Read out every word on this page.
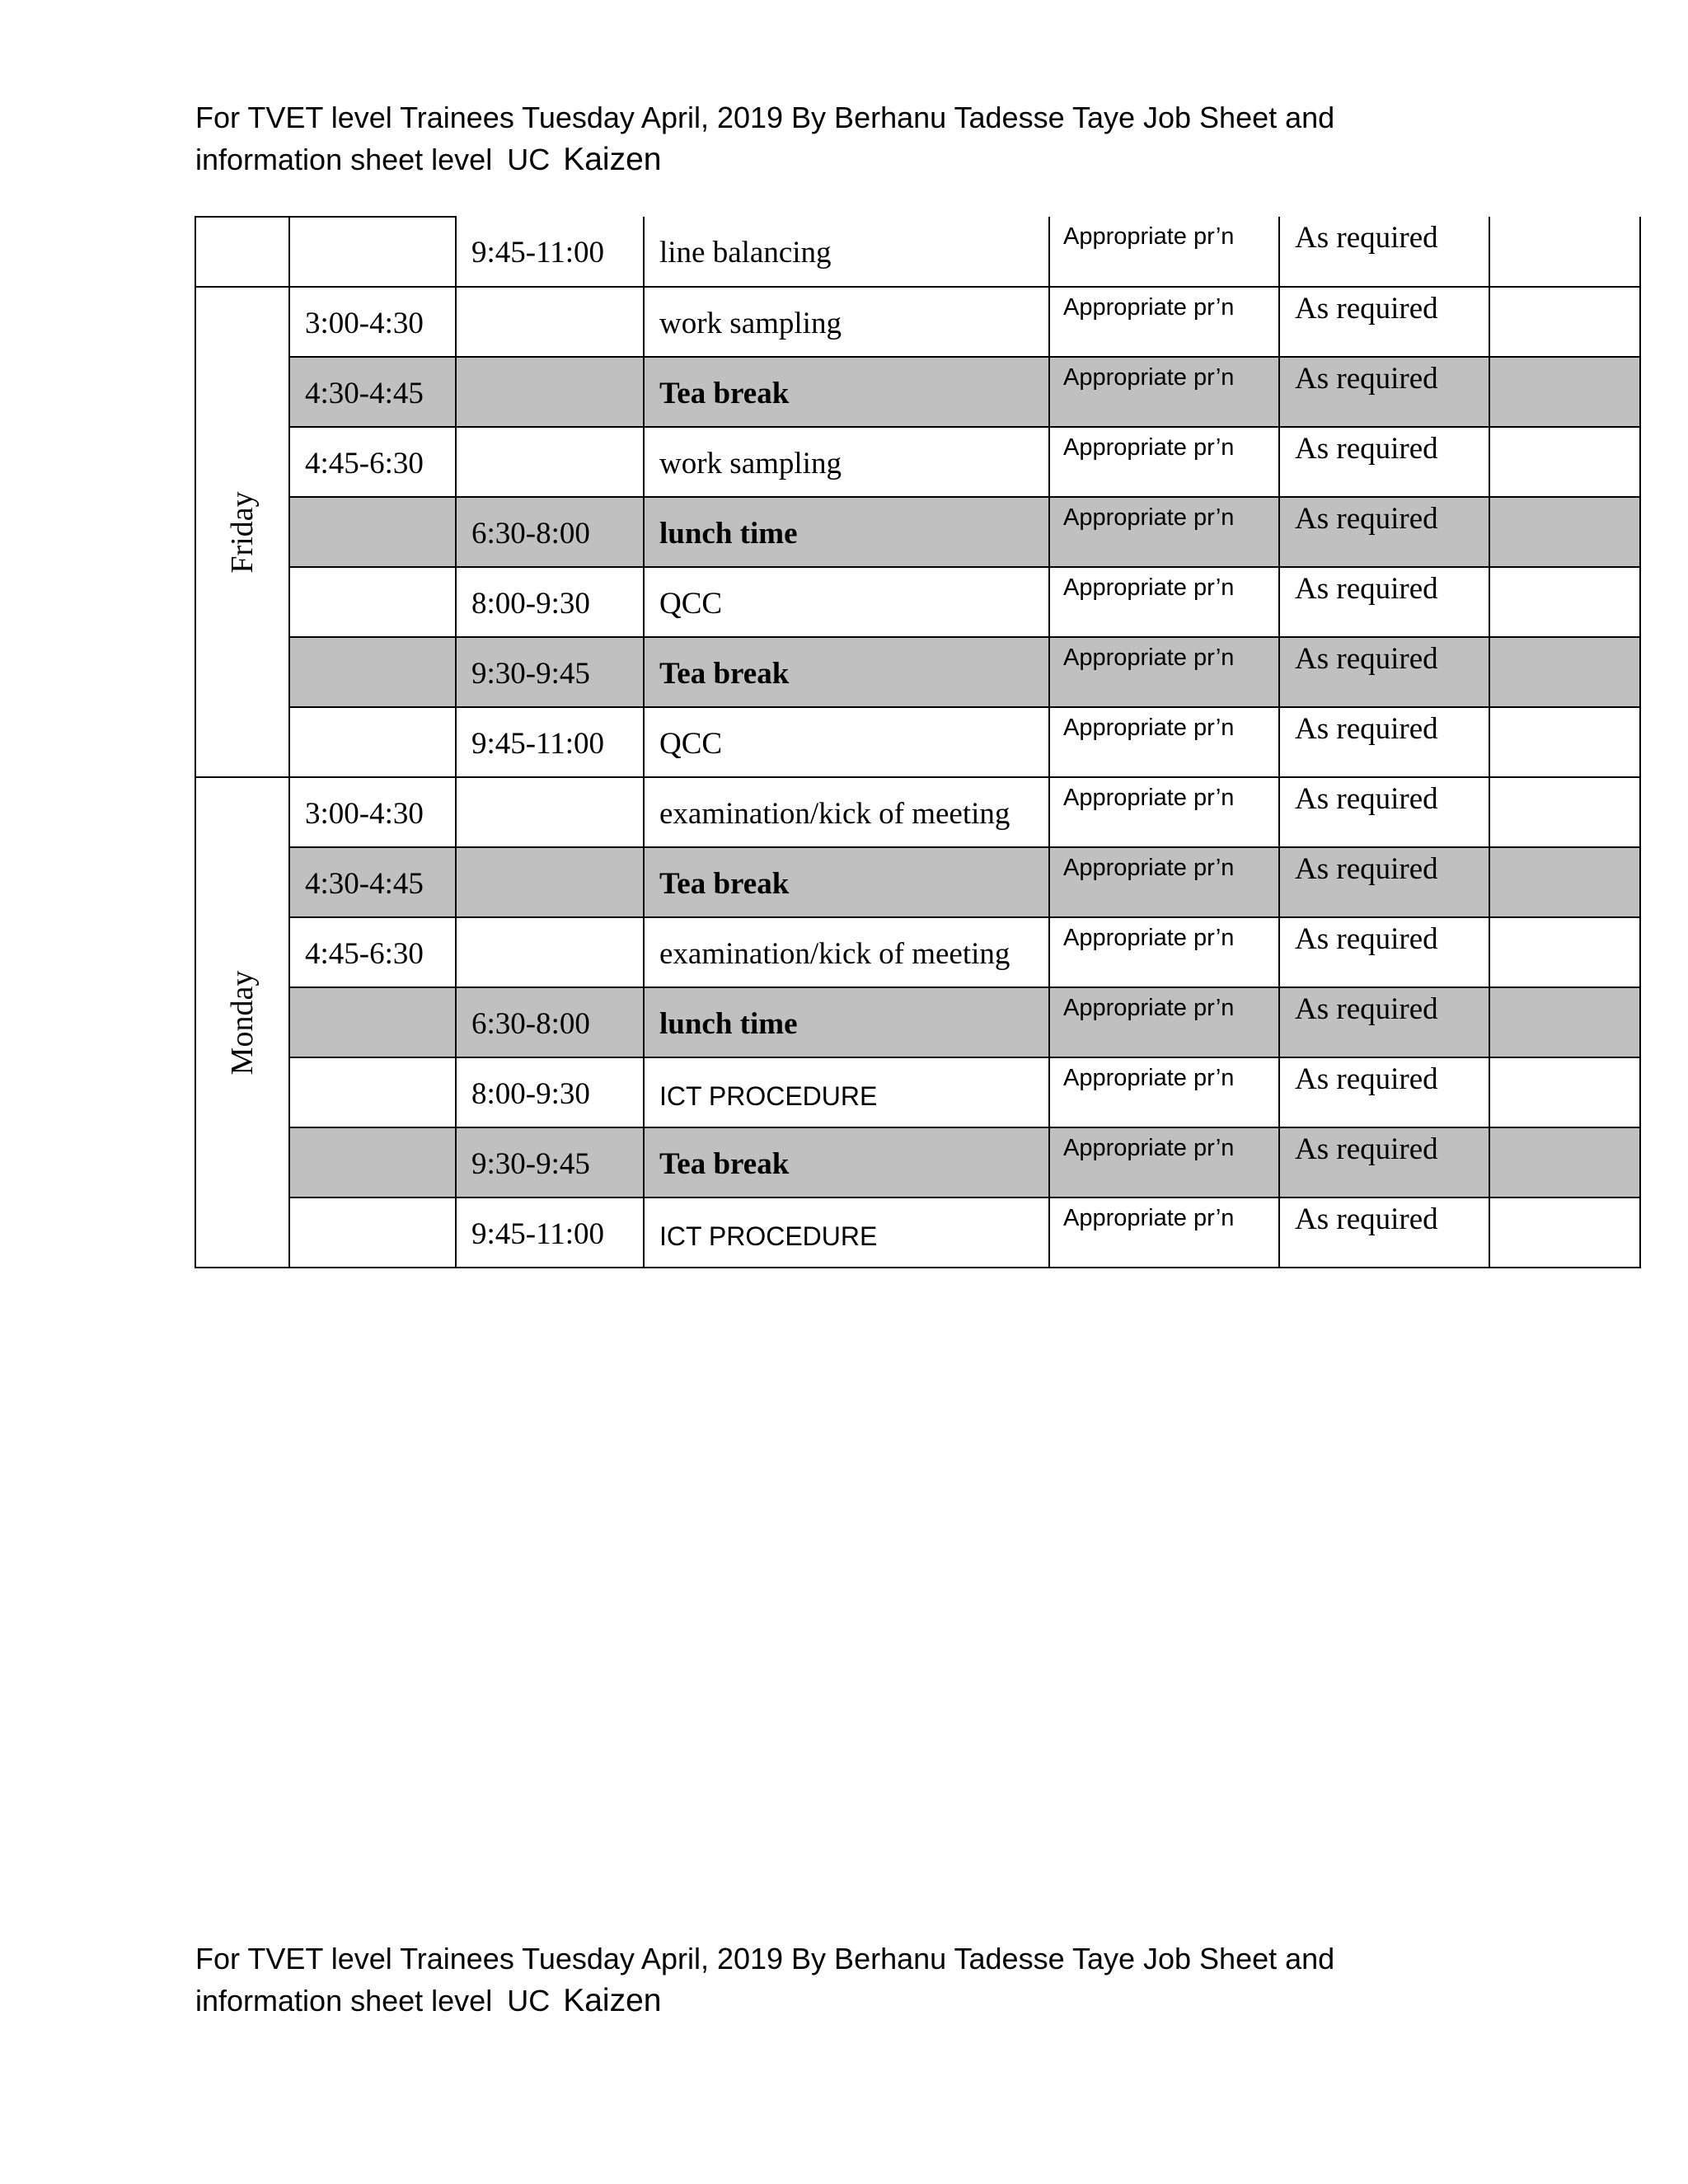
For TVET level Trainees Tuesday April, 2019 By Berhanu Tadesse Taye Job Sheet and
information sheet level UC Kaizen

		9:45-11:00	line balancing	Appropriate pr’n	As required	

Friday	3:00-4:30		work sampling	Appropriate pr’n	As required	

	4:30-4:45		Tea break	Appropriate pr’n	As required	

	4:45-6:30		work sampling	Appropriate pr’n	As required	

		6:30-8:00	lunch time	Appropriate pr’n	As required	

		8:00-9:30	QCC	Appropriate pr’n	As required	

		9:30-9:45	Tea break	Appropriate pr’n	As required	

		9:45-11:00	QCC	Appropriate pr’n	As required	

Monday	3:00-4:30		examination/kick of meeting	Appropriate pr’n	As required	

	4:30-4:45		Tea break	Appropriate pr’n	As required	

	4:45-6:30		examination/kick of meeting	Appropriate pr’n	As required	

		6:30-8:00	lunch time	Appropriate pr’n	As required	

		8:00-9:30	ICT PROCEDURE	Appropriate pr’n	As required	

		9:30-9:45	Tea break	Appropriate pr’n	As required	

		9:45-11:00	ICT PROCEDURE	Appropriate pr’n	As required	

For TVET level Trainees Tuesday April, 2019 By Berhanu Tadesse Taye Job Sheet and
information sheet level UC Kaizen
